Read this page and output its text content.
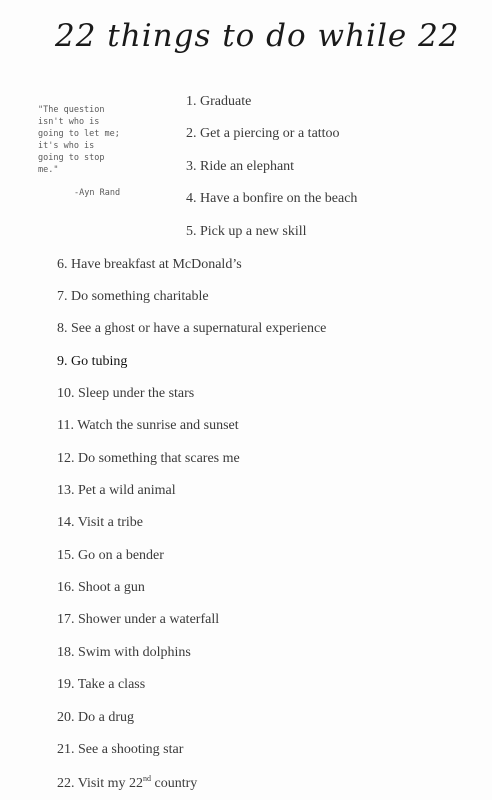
22 things to do while 22
"The question
isn't who is
going to let me;
it's who is
going to stop
me."
-Ayn Rand
1. Graduate
2. Get a piercing or a tattoo
3. Ride an elephant
4. Have a bonfire on the beach
5. Pick up a new skill
6. Have breakfast at McDonald’s
7. Do something charitable
8. See a ghost or have a supernatural experience
9. Go tubing
10. Sleep under the stars
11. Watch the sunrise and sunset
12. Do something that scares me
13. Pet a wild animal
14. Visit a tribe
15. Go on a bender
16. Shoot a gun
17. Shower under a waterfall
18. Swim with dolphins
19. Take a class
20. Do a drug
21. See a shooting star
22. Visit my 22nd country
